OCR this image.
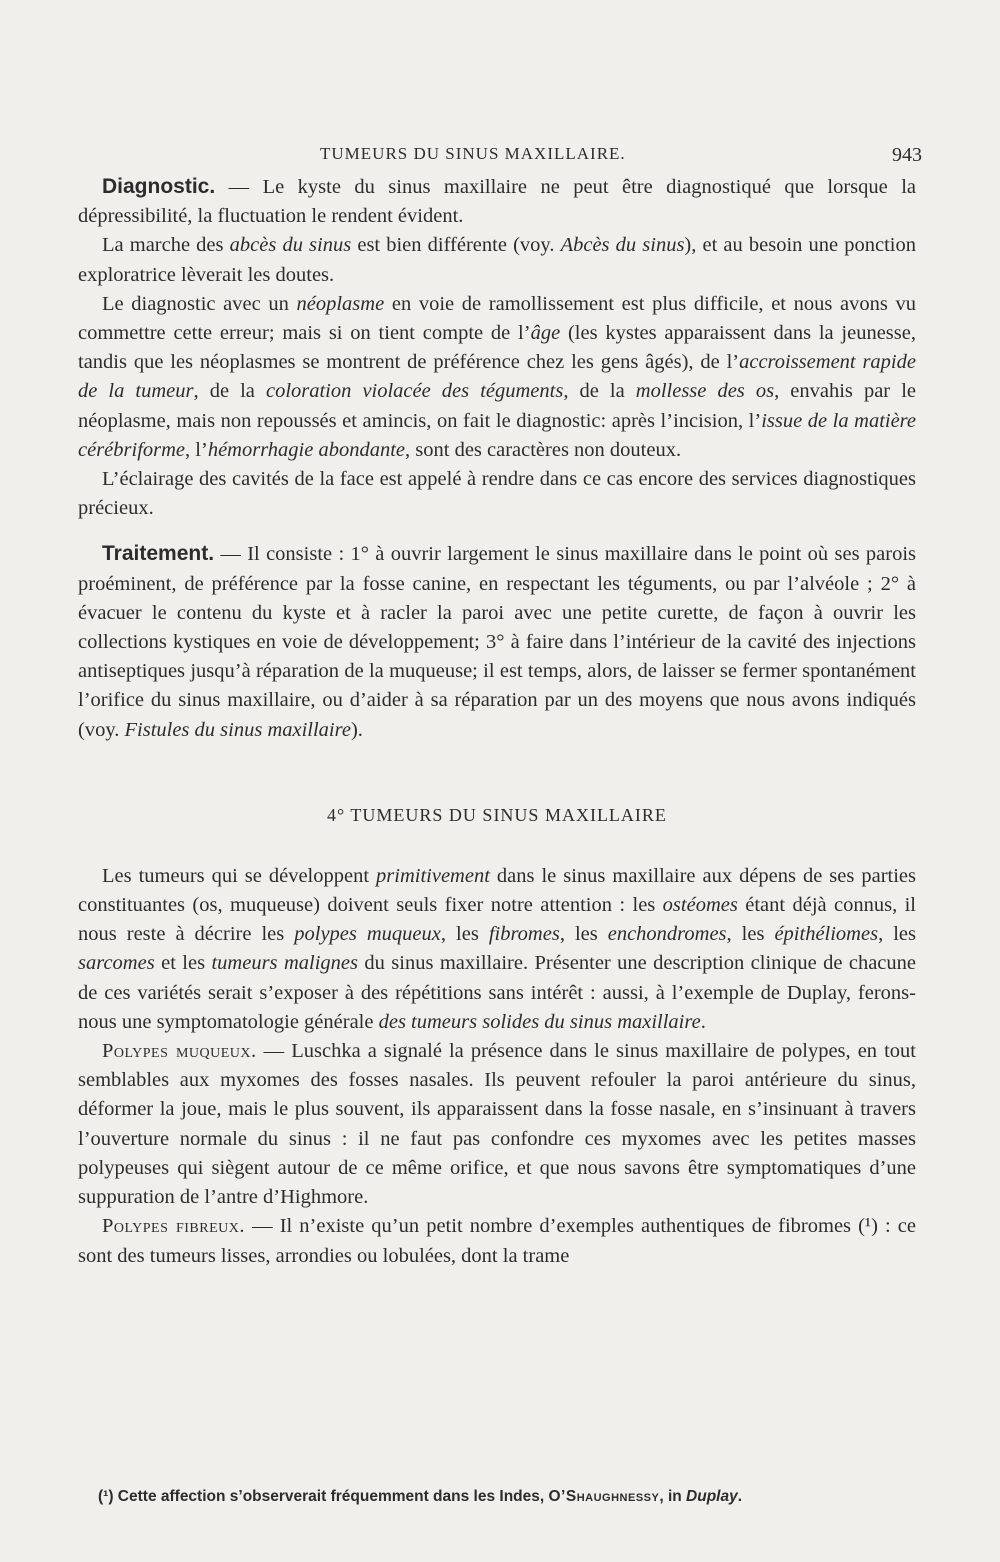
TUMEURS DU SINUS MAXILLAIRE.	943

Diagnostic. — Le kyste du sinus maxillaire ne peut être diagnostiqué que lorsque la dépressibilité, la fluctuation le rendent évident.

La marche des abcès du sinus est bien différente (voy. Abcès du sinus), et au besoin une ponction exploratrice lèverait les doutes.

Le diagnostic avec un néoplasme en voie de ramollissement est plus difficile, et nous avons vu commettre cette erreur; mais si on tient compte de l’âge (les kystes apparaissent dans la jeunesse, tandis que les néoplasmes se montrent de préférence chez les gens âgés), de l’accroissement rapide de la tumeur, de la coloration violacée des téguments, de la mollesse des os, envahis par le néoplasme, mais non repoussés et amincis, on fait le diagnostic: après l’incision, l’issue de la matière cérébriforme, l’hémorrhagie abondante, sont des caractères non douteux.

L’éclairage des cavités de la face est appelé à rendre dans ce cas encore des services diagnostiques précieux.

Traitement. — Il consiste : 1° à ouvrir largement le sinus maxillaire dans le point où ses parois proéminent, de préférence par la fosse canine, en respectant les téguments, ou par l’alvéole ; 2° à évacuer le contenu du kyste et à racler la paroi avec une petite curette, de façon à ouvrir les collections kystiques en voie de développement; 3° à faire dans l’intérieur de la cavité des injections antiseptiques jusqu’à réparation de la muqueuse; il est temps, alors, de laisser se fermer spontanément l’orifice du sinus maxillaire, ou d’aider à sa réparation par un des moyens que nous avons indiqués (voy. Fistules du sinus maxillaire).

4° TUMEURS DU SINUS MAXILLAIRE

Les tumeurs qui se développent primitivement dans le sinus maxillaire aux dépens de ses parties constituantes (os, muqueuse) doivent seuls fixer notre attention : les ostéomes étant déjà connus, il nous reste à décrire les polypes muqueux, les fibromes, les enchondromes, les épithéliomes, les sarcomes et les tumeurs malignes du sinus maxillaire. Présenter une description clinique de chacune de ces variétés serait s’exposer à des répétitions sans intérêt : aussi, à l’exemple de Duplay, ferons-nous une symptomatologie générale des tumeurs solides du sinus maxillaire.

Polypes muqueux. — Luschka a signalé la présence dans le sinus maxillaire de polypes, en tout semblables aux myxomes des fosses nasales. Ils peuvent refouler la paroi antérieure du sinus, déformer la joue, mais le plus souvent, ils apparaissent dans la fosse nasale, en s’insinuant à travers l’ouverture normale du sinus : il ne faut pas confondre ces myxomes avec les petites masses polypeuses qui siègent autour de ce même orifice, et que nous savons être symptomatiques d’une suppuration de l’antre d’Highmore.

Polypes fibreux. — Il n’existe qu’un petit nombre d’exemples authentiques de fibromes (¹) : ce sont des tumeurs lisses, arrondies ou lobulées, dont la trame

(¹) Cette affection s’observerait fréquemment dans les Indes, O’Shaughnessy, in Duplay.
